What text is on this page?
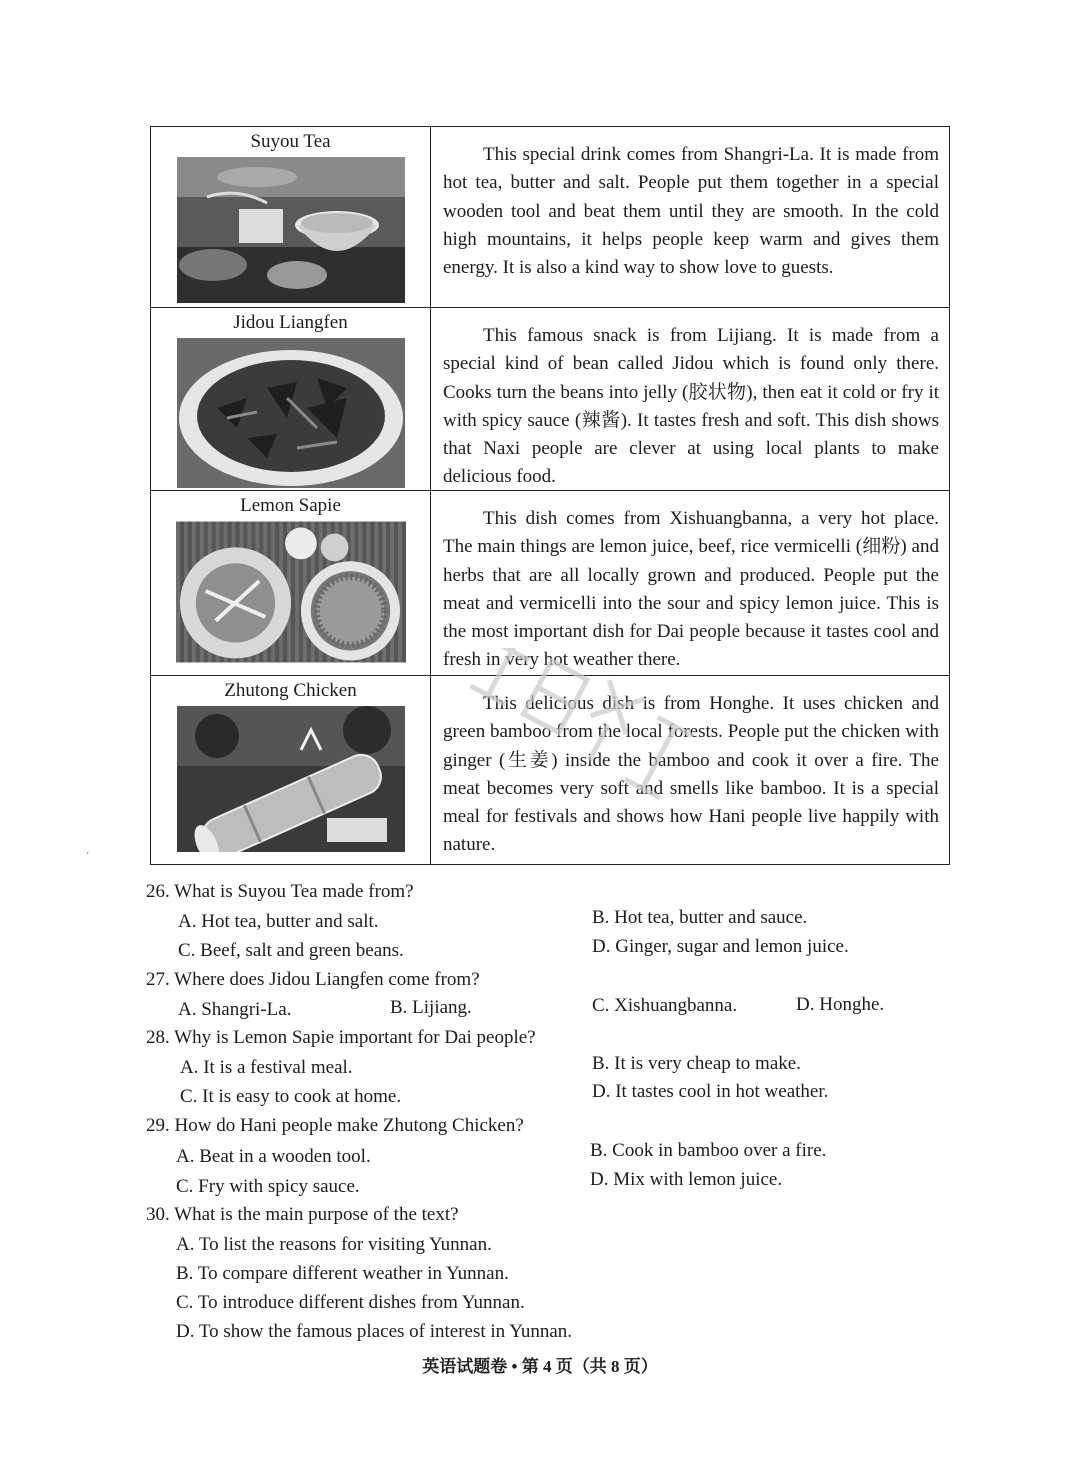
Suyou Tea
This special drink comes from Shangri-La. It is made from hot tea, butter and salt. People put them together in a special wooden tool and beat them until they are smooth. In the cold high mountains, it helps people keep warm and gives them energy. It is also a kind way to show love to guests.
Jidou Liangfen
This famous snack is from Lijiang. It is made from a special kind of bean called Jidou which is found only there. Cooks turn the beans into jelly (胶状物), then eat it cold or fry it with spicy sauce (辣酱). It tastes fresh and soft. This dish shows that Naxi people are clever at using local plants to make delicious food.
Lemon Sapie
This dish comes from Xishuangbanna, a very hot place. The main things are lemon juice, beef, rice vermicelli (细粉) and herbs that are all locally grown and produced. People put the meat and vermicelli into the sour and spicy lemon juice. This is the most important dish for Dai people because it tastes cool and fresh in very hot weather there.
Zhutong Chicken
This delicious dish is from Honghe. It uses chicken and green bamboo from the local forests. People put the chicken with ginger (生姜) inside the bamboo and cook it over a fire. The meat becomes very soft and smells like bamboo. It is a special meal for festivals and shows how Hani people live happily with nature.
،
26. What is Suyou Tea made from?
A. Hot tea, butter and salt.	B. Hot tea, butter and sauce.
C. Beef, salt and green beans.	D. Ginger, sugar and lemon juice.
27. Where does Jidou Liangfen come from?
A. Shangri-La.	B. Lijiang.	C. Xishuangbanna.	D. Honghe.
28. Why is Lemon Sapie important for Dai people?
A. It is a festival meal.	B. It is very cheap to make.
C. It is easy to cook at home.	D. It tastes cool in hot weather.
29. How do Hani people make Zhutong Chicken?
A. Beat in a wooden tool.	B. Cook in bamboo over a fire.
C. Fry with spicy sauce.	D. Mix with lemon juice.
30. What is the main purpose of the text?
A. To list the reasons for visiting Yunnan.
B. To compare different weather in Yunnan.
C. To introduce different dishes from Yunnan.
D. To show the famous places of interest in Yunnan.
英语试题卷 • 第 4 页（共 8 页）
